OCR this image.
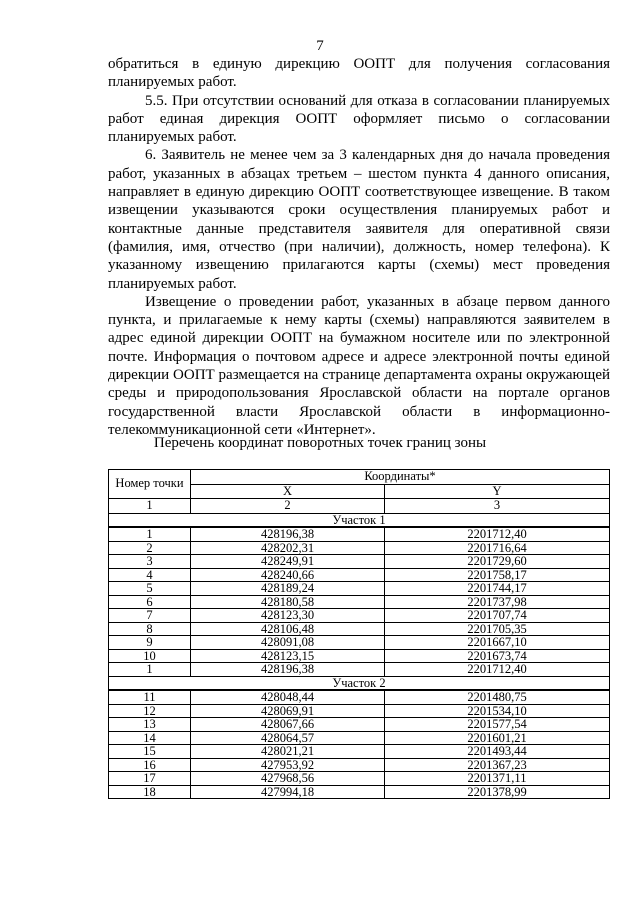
7

обратиться в единую дирекцию ООПТ для получения согласования планируемых работ.

5.5. При отсутствии оснований для отказа в согласовании планируемых работ единая дирекция ООПТ оформляет письмо о согласовании планируемых работ.

6. Заявитель не менее чем за 3 календарных дня до начала проведения работ, указанных в абзацах третьем – шестом пункта 4 данного описания, направляет в единую дирекцию ООПТ соответствующее извещение. В таком извещении указываются сроки осуществления планируемых работ и контактные данные представителя заявителя для оперативной связи (фамилия, имя, отчество (при наличии), должность, номер телефона). К указанному извещению прилагаются карты (схемы) мест проведения планируемых работ.

Извещение о проведении работ, указанных в абзаце первом данного пункта, и прилагаемые к нему карты (схемы) направляются заявителем в адрес единой дирекции ООПТ на бумажном носителе или по электронной почте. Информация о почтовом адресе и адресе электронной почты единой дирекции ООПТ размещается на странице департамента охраны окружающей среды и природопользования Ярославской области на портале органов государственной власти Ярославской области в информационно-телекоммуникационной сети «Интернет».

Перечень координат поворотных точек границ зоны
Номер точки	Координаты*	
	X	Y
1	2	3
Участок 1		
1	428196,38	2201712,40
2	428202,31	2201716,64
3	428249,91	2201729,60
4	428240,66	2201758,17
5	428189,24	2201744,17
6	428180,58	2201737,98
7	428123,30	2201707,74
8	428106,48	2201705,35
9	428091,08	2201667,10
10	428123,15	2201673,74
1	428196,38	2201712,40
Участок 2		
11	428048,44	2201480,75
12	428069,91	2201534,10
13	428067,66	2201577,54
14	428064,57	2201601,21
15	428021,21	2201493,44
16	427953,92	2201367,23
17	427968,56	2201371,11
18	427994,18	2201378,99
